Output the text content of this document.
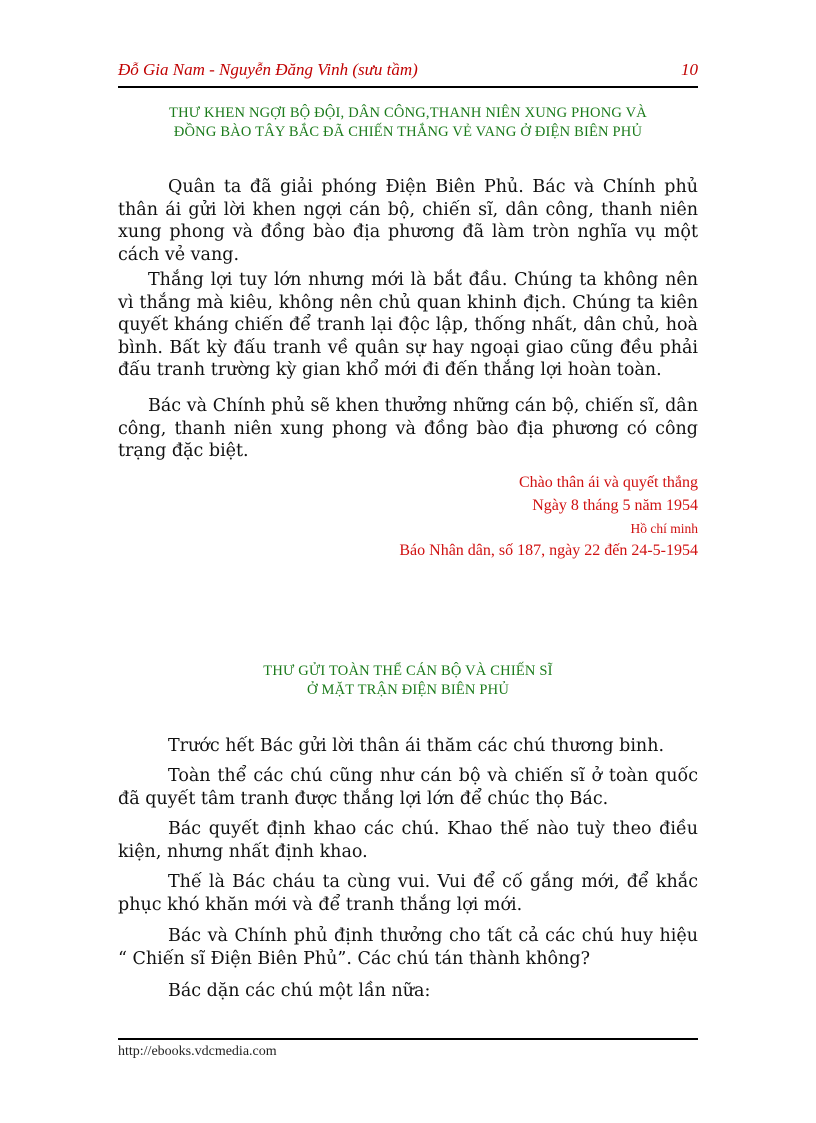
Đỗ Gia Nam - Nguyễn Đăng Vinh (sưu tầm)	10
THƯ KHEN NGỢI BỘ ĐỘI, DÂN CÔNG,THANH NIÊN XUNG PHONG VÀ
ĐỒNG BÀO TÂY BẮC ĐÃ CHIẾN THẮNG VẺ VANG Ở ĐIỆN BIÊN PHỦ
Quân ta đã giải phóng Điện Biên Phủ. Bác và Chính phủ thân ái gửi lời khen ngợi cán bộ, chiến sĩ, dân công, thanh niên xung phong và đồng bào địa phương đã làm tròn nghĩa vụ một cách vẻ vang.
Thắng lợi tuy lớn nhưng mới là bắt đầu. Chúng ta không nên vì thắng mà kiêu, không nên chủ quan khinh địch. Chúng ta kiên quyết kháng chiến để tranh lại độc lập, thống nhất, dân chủ, hoà bình. Bất kỳ đấu tranh về quân sự hay ngoại giao cũng đều phải đấu tranh trường kỳ gian khổ mới đi đến thắng lợi hoàn toàn.
Bác và Chính phủ sẽ khen thưởng những cán bộ, chiến sĩ, dân công, thanh niên xung phong và đồng bào địa phương có công trạng đặc biệt.
Chào thân ái và quyết thắng
Ngày 8 tháng 5 năm 1954
Hồ chí minh
Báo Nhân dân, số 187, ngày 22 đến 24-5-1954
THƯ GỬI TOÀN THỂ CÁN BỘ VÀ CHIẾN SĨ
Ở MẶT TRẬN ĐIỆN BIÊN PHỦ
Trước hết Bác gửi lời thân ái thăm các chú thương binh.
Toàn thể các chú cũng như cán bộ và chiến sĩ ở toàn quốc đã quyết tâm tranh được thắng lợi lớn để chúc thọ Bác.
Bác quyết định khao các chú. Khao thế nào tuỳ theo điều kiện, nhưng nhất định khao.
Thế là Bác cháu ta cùng vui. Vui để cố gắng mới, để khắc phục khó khăn mới và để tranh thắng lợi mới.
Bác và Chính phủ định thưởng cho tất cả các chú huy hiệu “ Chiến sĩ Điện Biên Phủ”. Các chú tán thành không?
Bác dặn các chú một lần nữa:
http://ebooks.vdcmedia.com
